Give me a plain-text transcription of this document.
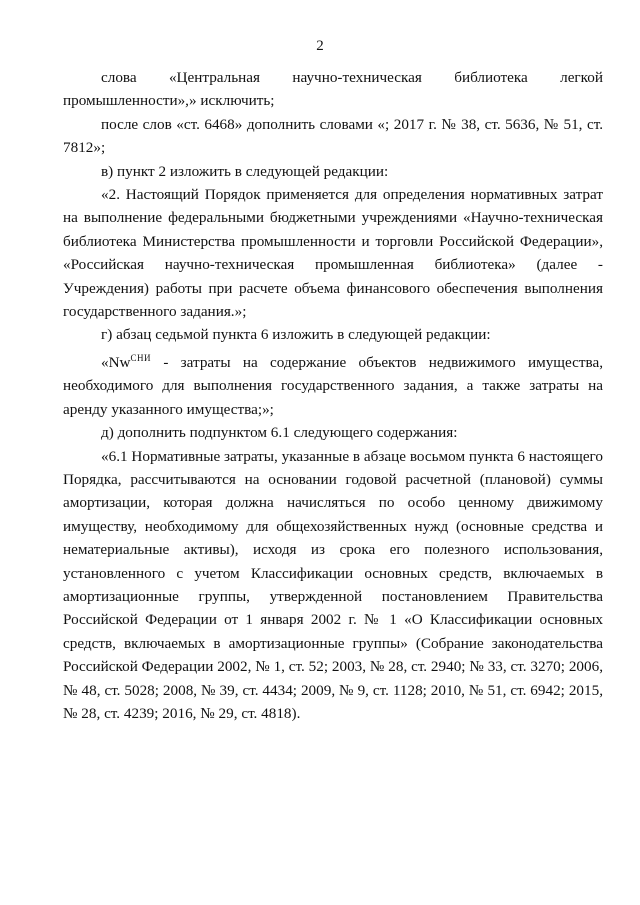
2

слова «Центральная научно-техническая библиотека легкой промышленности»,» исключить;

после слов «ст. 6468» дополнить словами «; 2017 г. № 38, ст. 5636, № 51, ст. 7812»;

в) пункт 2 изложить в следующей редакции:

«2. Настоящий Порядок применяется для определения нормативных затрат на выполнение федеральными бюджетными учреждениями «Научно-техническая библиотека Министерства промышленности и торговли Российской Федерации», «Российская научно-техническая промышленная библиотека» (далее - Учреждения) работы при расчете объема финансового обеспечения выполнения государственного задания.»;

г) абзац седьмой пункта 6 изложить в следующей редакции:

«$Nw^{СНИ}$ - затраты на содержание объектов недвижимого имущества, необходимого для выполнения государственного задания, а также затраты на аренду указанного имущества;»;

д) дополнить подпунктом 6.1 следующего содержания:

«6.1 Нормативные затраты, указанные в абзаце восьмом пункта 6 настоящего Порядка, рассчитываются на основании годовой расчетной (плановой) суммы амортизации, которая должна начисляться по особо ценному движимому имуществу, необходимому для общехозяйственных нужд (основные средства и нематериальные активы), исходя из срока его полезного использования, установленного с учетом Классификации основных средств, включаемых в амортизационные группы, утвержденной постановлением Правительства Российской Федерации от 1 января 2002 г. № 1 «О Классификации основных средств, включаемых в амортизационные группы» (Собрание законодательства Российской Федерации 2002, № 1, ст. 52; 2003, № 28, ст. 2940; № 33, ст. 3270; 2006, № 48, ст. 5028; 2008, № 39, ст. 4434; 2009, № 9, ст. 1128; 2010, № 51, ст. 6942; 2015, № 28, ст. 4239; 2016, № 29, ст. 4818).
